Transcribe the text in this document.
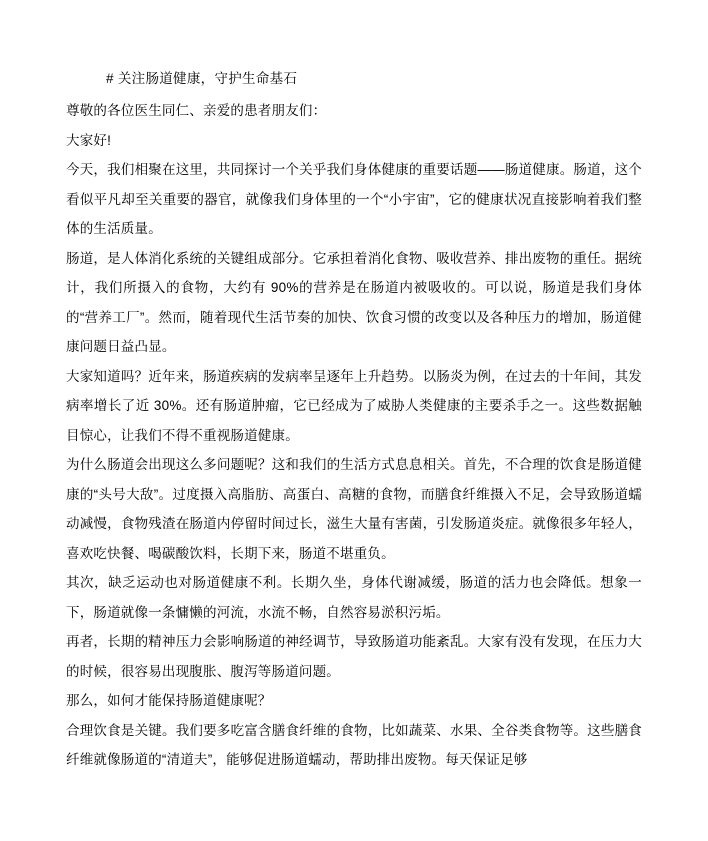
# 关注肠道健康，守护生命基石

尊敬的各位医生同仁、亲爱的患者朋友们：

大家好!

今天，我们相聚在这里，共同探讨一个关乎我们身体健康的重要话题——肠道健康。肠道，这个看似平凡却至关重要的器官，就像我们身体里的一个“小宇宙”，它的健康状况直接影响着我们整体的生活质量。

肠道，是人体消化系统的关键组成部分。它承担着消化食物、吸收营养、排出废物的重任。据统计，我们所摄入的食物，大约有 90%的营养是在肠道内被吸收的。可以说，肠道是我们身体的“营养工厂”。然而，随着现代生活节奏的加快、饮食习惯的改变以及各种压力的增加，肠道健康问题日益凸显。

大家知道吗？近年来，肠道疾病的发病率呈逐年上升趋势。以肠炎为例，在过去的十年间，其发病率增长了近 30%。还有肠道肿瘤，它已经成为了威胁人类健康的主要杀手之一。这些数据触目惊心，让我们不得不重视肠道健康。

为什么肠道会出现这么多问题呢？这和我们的生活方式息息相关。首先，不合理的饮食是肠道健康的“头号大敌”。过度摄入高脂肪、高蛋白、高糖的食物，而膳食纤维摄入不足，会导致肠道蠕动减慢，食物残渣在肠道内停留时间过长，滋生大量有害菌，引发肠道炎症。就像很多年轻人，喜欢吃快餐、喝碳酸饮料，长期下来，肠道不堪重负。

其次，缺乏运动也对肠道健康不利。长期久坐，身体代谢减缓，肠道的活力也会降低。想象一下，肠道就像一条慵懒的河流，水流不畅，自然容易淤积污垢。

再者，长期的精神压力会影响肠道的神经调节，导致肠道功能紊乱。大家有没有发现，在压力大的时候，很容易出现腹胀、腹泻等肠道问题。

那么，如何才能保持肠道健康呢？

合理饮食是关键。我们要多吃富含膳食纤维的食物，比如蔬菜、水果、全谷类食物等。这些膳食纤维就像肠道的“清道夫”，能够促进肠道蠕动，帮助排出废物。每天保证足够
